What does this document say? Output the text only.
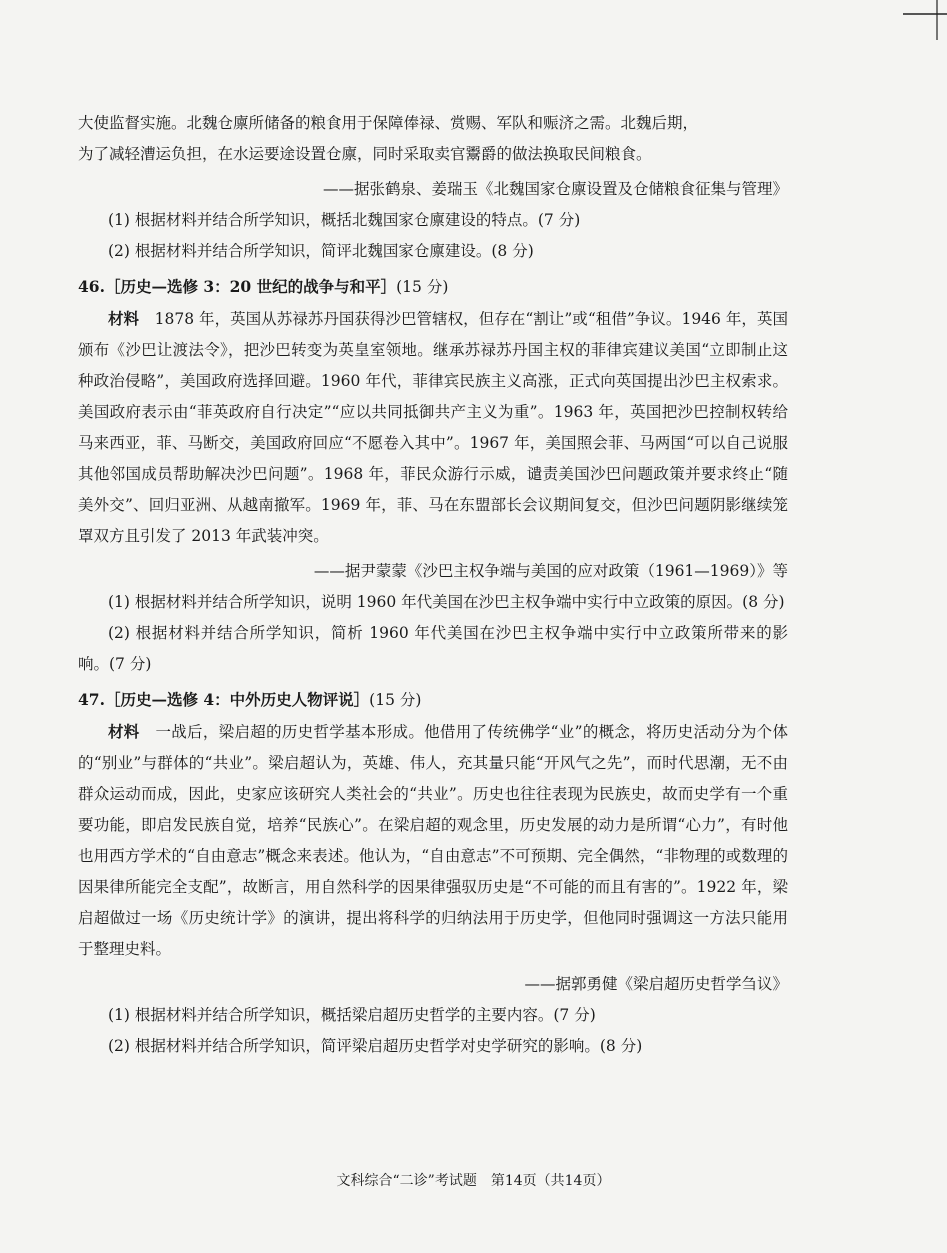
大使监督实施。北魏仓廪所储备的粮食用于保障俸禄、赏赐、军队和赈济之需。北魏后期，

为了减轻漕运负担，在水运要途设置仓廪，同时采取卖官鬻爵的做法换取民间粮食。

——据张鹤泉、姜瑞玉《北魏国家仓廪设置及仓储粮食征集与管理》

(1) 根据材料并结合所学知识，概括北魏国家仓廪建设的特点。(7 分)

(2) 根据材料并结合所学知识，简评北魏国家仓廪建设。(8 分)

46.［历史—选修 3：20 世纪的战争与和平］(15 分)

材料　 1878 年，英国从苏禄苏丹国获得沙巴管辖权，但存在“割让”或“租借”争议。1946 年，英国颁布《沙巴让渡法令》，把沙巴转变为英皇室领地。继承苏禄苏丹国主权的菲律宾建议美国“立即制止这种政治侵略”，美国政府选择回避。1960 年代，菲律宾民族主义高涨，正式向英国提出沙巴主权索求。美国政府表示由“菲英政府自行决定”“应以共同抵御共产主义为重”。1963 年，英国把沙巴控制权转给马来西亚，菲、马断交，美国政府回应“不愿卷入其中”。1967 年，美国照会菲、马两国“可以自己说服其他邻国成员帮助解决沙巴问题”。1968 年，菲民众游行示威，谴责美国沙巴问题政策并要求终止“随美外交”、回归亚洲、从越南撤军。1969 年，菲、马在东盟部长会议期间复交，但沙巴问题阴影继续笼罩双方且引发了 2013 年武装冲突。

——据尹蒙蒙《沙巴主权争端与美国的应对政策（1961—1969）》等

(1) 根据材料并结合所学知识，说明 1960 年代美国在沙巴主权争端中实行中立政策的原因。(8 分)

(2) 根据材料并结合所学知识，简析 1960 年代美国在沙巴主权争端中实行中立政策所带来的影响。(7 分)

47.［历史—选修 4：中外历史人物评说］(15 分)

材料　 一战后，梁启超的历史哲学基本形成。他借用了传统佛学“业”的概念，将历史活动分为个体的“别业”与群体的“共业”。梁启超认为，英雄、伟人，充其量只能“开风气之先”，而时代思潮，无不由群众运动而成，因此，史家应该研究人类社会的“共业”。历史也往往表现为民族史，故而史学有一个重要功能，即启发民族自觉，培养“民族心”。在梁启超的观念里，历史发展的动力是所谓“心力”，有时他也用西方学术的“自由意志”概念来表述。他认为，“自由意志”不可预期、完全偶然，“非物理的或数理的因果律所能完全支配”，故断言，用自然科学的因果律强驭历史是“不可能的而且有害的”。1922 年，梁启超做过一场《历史统计学》的演讲，提出将科学的归纳法用于历史学，但他同时强调这一方法只能用于整理史料。

——据郭勇健《梁启超历史哲学刍议》

(1) 根据材料并结合所学知识，概括梁启超历史哲学的主要内容。(7 分)

(2) 根据材料并结合所学知识，简评梁启超历史哲学对史学研究的影响。(8 分)

文科综合“二诊”考试题　第14页（共14页）
